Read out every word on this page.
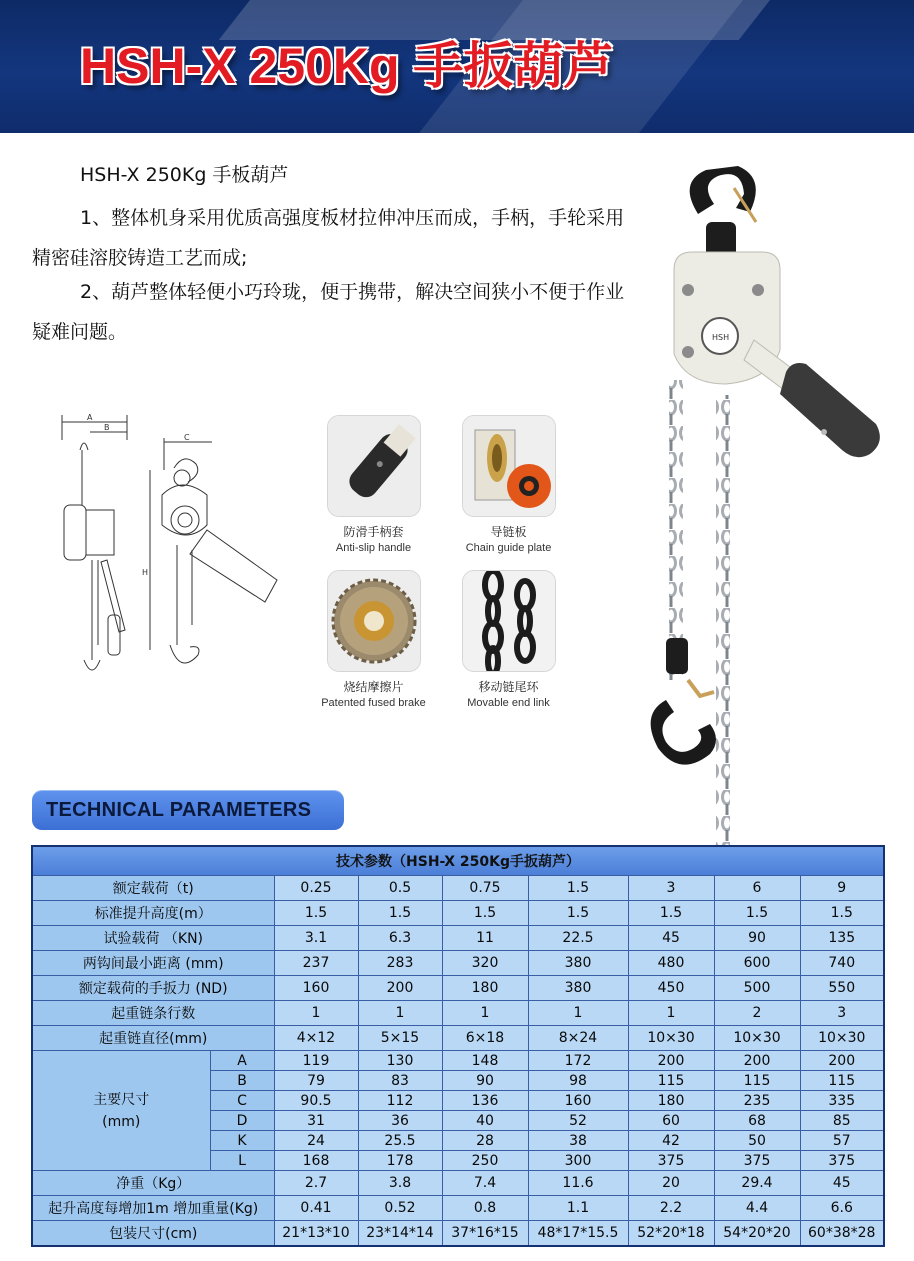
HSH-X 250Kg 手扳葫芦
HSH-X 250Kg 手板葫芦
1、整体机身采用优质高强度板材拉伸冲压而成，手柄，手轮采用精密硅溶胶铸造工艺而成;
2、葫芦整体轻便小巧玲珑，便于携带，解决空间狭小不便于作业疑难问题。
A
B
C
H
防滑手柄套
Anti-slip handle
导链板
Chain guide plate
烧结摩擦片
Patented fused brake
移动链尾环
Movable end link
HSH
TECHNICAL PARAMETERS
技术参数（HSH-X 250Kg手扳葫芦）								
额定载荷（t)		0.25	0.5	0.75	1.5	3	6	9
标准提升高度(m）		1.5	1.5	1.5	1.5	1.5	1.5	1.5
试验载荷 （KN)		3.1	6.3	11	22.5	45	90	135
两钩间最小距离 (mm)		237	283	320	380	480	600	740
额定载荷的手扳力 (ND)		160	200	180	380	450	500	550
起重链条行数		1	1	1	1	1	2	3
起重链直径(mm)		4×12	5×15	6×18	8×24	10×30	10×30	10×30

主要尺寸
(mm)	A	119	130	148	172	200	200	200
	B	79	83	90	98	115	115	115
	C	90.5	112	136	160	180	235	335
	D	31	36	40	52	60	68	85
	K	24	25.5	28	38	42	50	57
	L	168	178	250	300	375	375	375
净重（Kg）		2.7	3.8	7.4	11.6	20	29.4	45
起升高度每增加1m 增加重量(Kg)		0.41	0.52	0.8	1.1	2.2	4.4	6.6
包装尺寸(cm)		21*13*10	23*14*14	37*16*15	48*17*15.5	52*20*18	54*20*20	60*38*28
